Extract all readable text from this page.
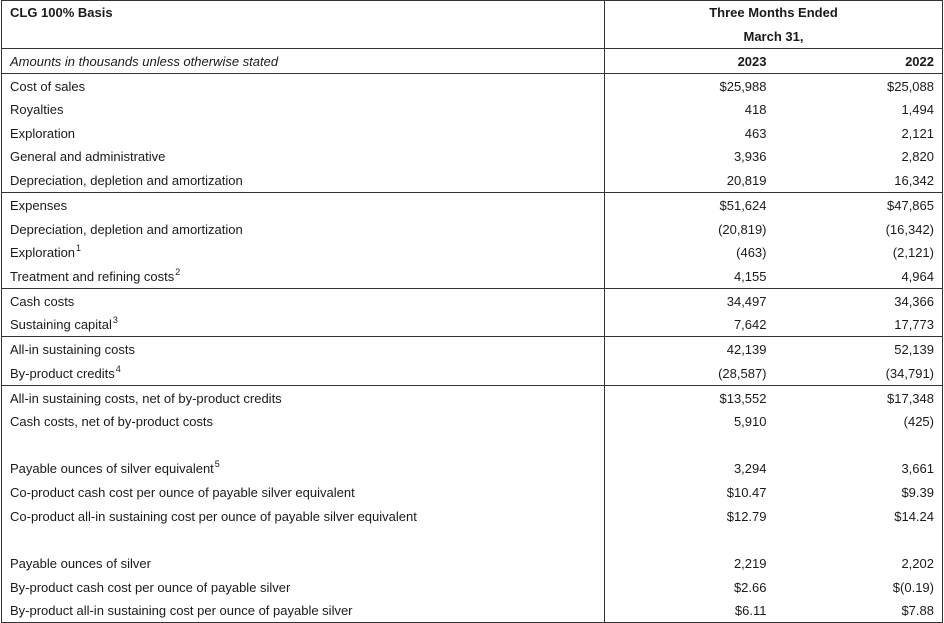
CLG 100% Basis	Three Months Ended	
	March 31,	
Amounts in thousands unless otherwise stated	2023	2022
Cost of sales	$25,988	$25,088
Royalties	418	1,494
Exploration	463	2,121
General and administrative	3,936	2,820
Depreciation, depletion and amortization	20,819	16,342
Expenses	$51,624	$47,865
Depreciation, depletion and amortization	(20,819)	(16,342)
Exploration$^1$	(463)	(2,121)
Treatment and refining costs$^2$	4,155	4,964
Cash costs	34,497	34,366
Sustaining capital$^3$	7,642	17,773
All-in sustaining costs	42,139	52,139
By-product credits$^4$	(28,587)	(34,791)
All-in sustaining costs, net of by-product credits	$13,552	$17,348
Cash costs, net of by-product costs	5,910	(425)

Payable ounces of silver equivalent$^5$	3,294	3,661
Co-product cash cost per ounce of payable silver equivalent	$10.47	$9.39
Co-product all-in sustaining cost per ounce of payable silver equivalent	$12.79	$14.24

Payable ounces of silver	2,219	2,202
By-product cash cost per ounce of payable silver	$2.66	$(0.19)
By-product all-in sustaining cost per ounce of payable silver	$6.11	$7.88
